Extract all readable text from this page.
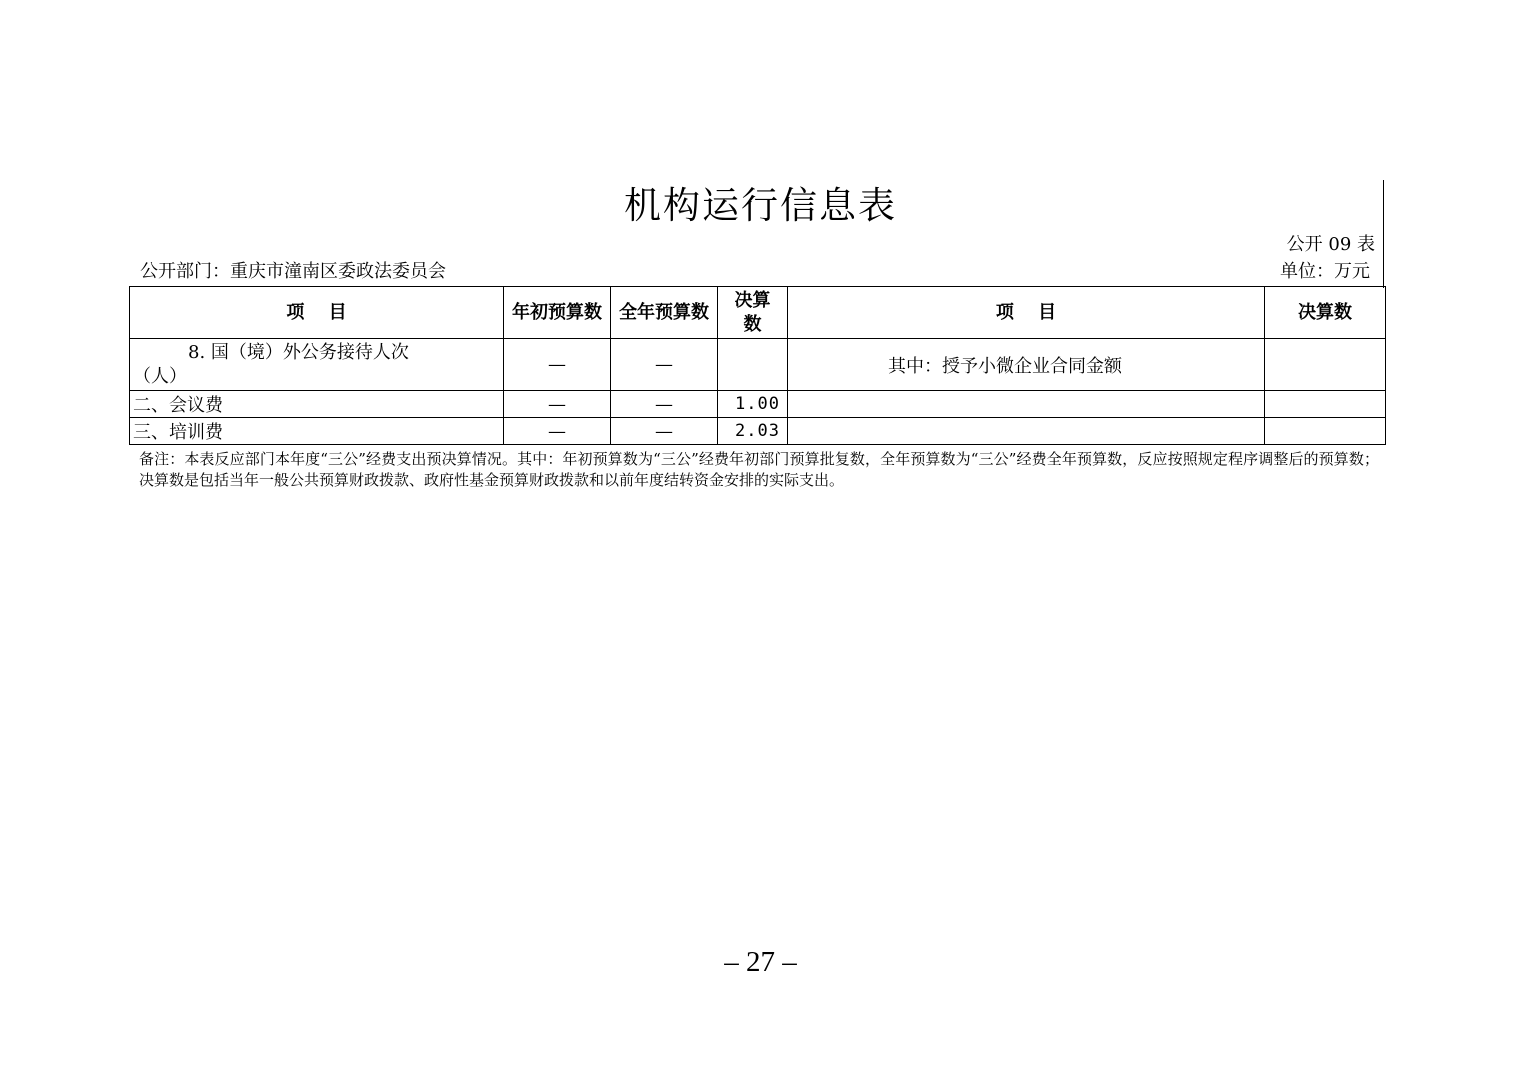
机构运行信息表
公开 09 表
公开部门：重庆市潼南区委政法委员会	单位：万元
项 目	年初预算数	全年预算数	决算数	项 目	决算数
8. 国（境）外公务接待人次
（人）	—	—		其中：授予小微企业合同金额	
二、会议费	—	—	1.00		
三、培训费	—	—	2.03		
备注：本表反应部门本年度“三公”经费支出预决算情况。其中：年初预算数为“三公”经费年初部门预算批复数，全年预算数为“三公”经费全年预算数，反应按照规定程序调整后的预算数；决算数是包括当年一般公共预算财政拨款、政府性基金预算财政拨款和以前年度结转资金安排的实际支出。
– 27 –
